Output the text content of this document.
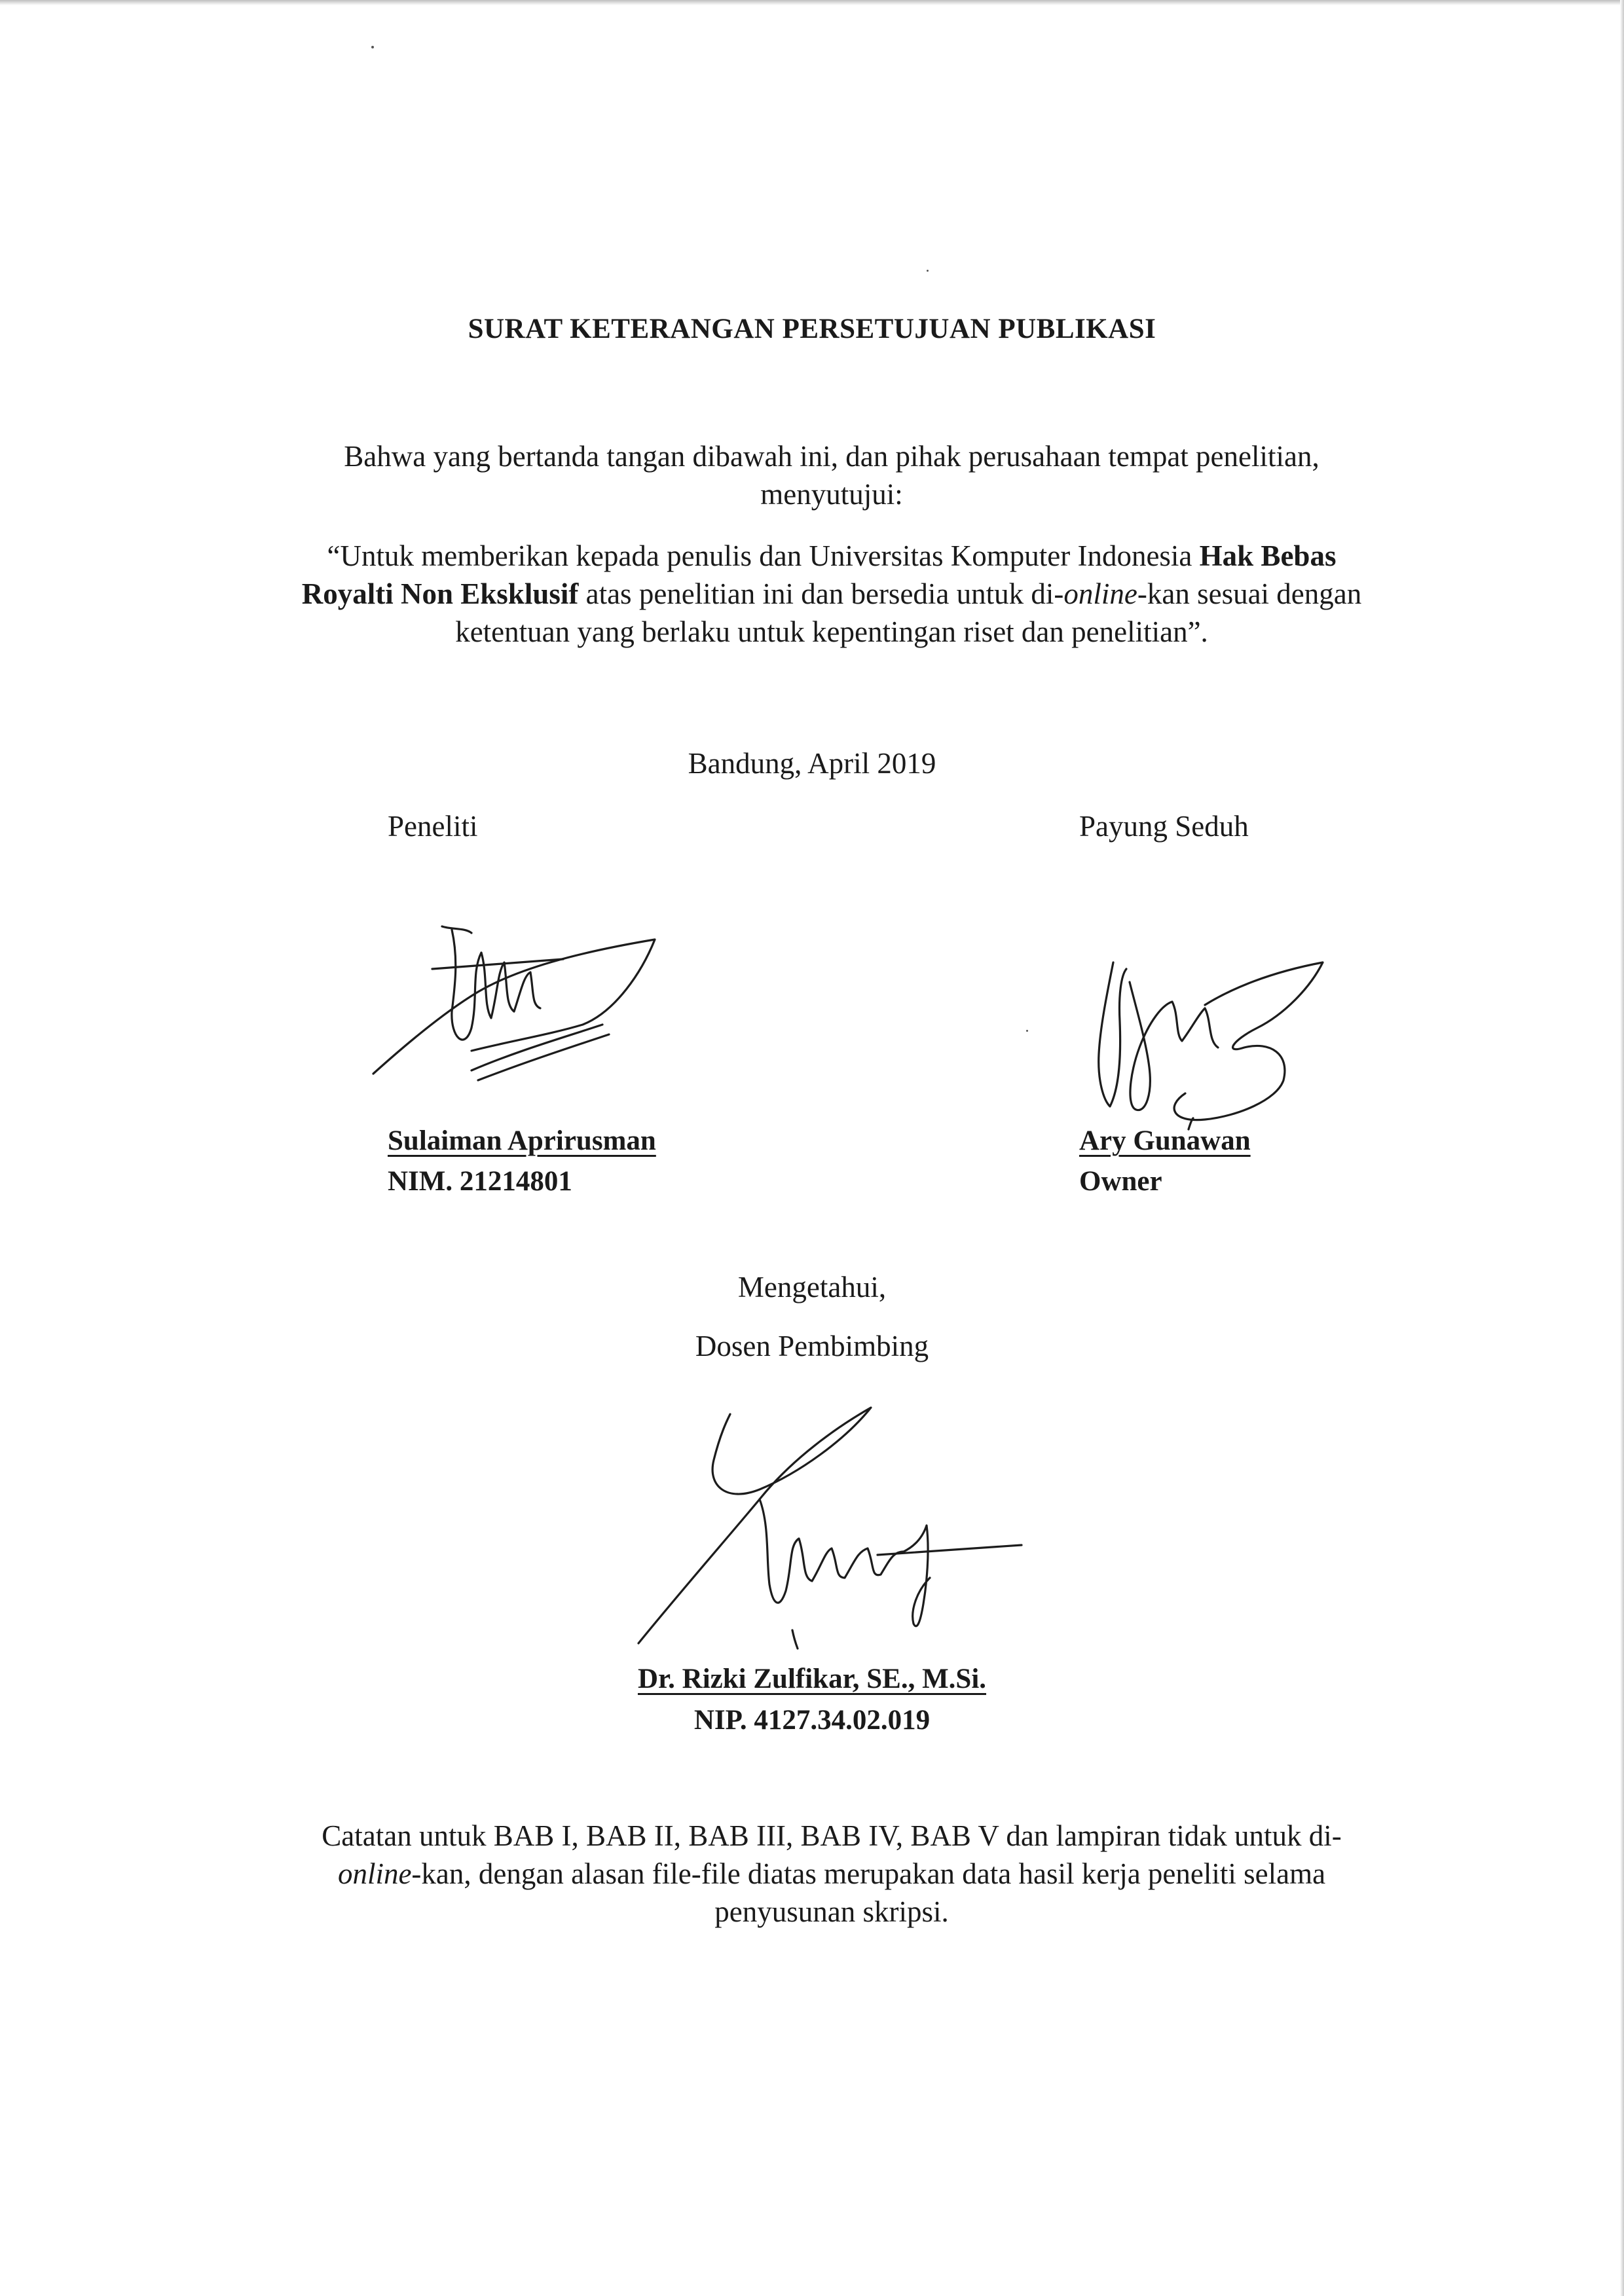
SURAT KETERANGAN PERSETUJUAN PUBLIKASI
Bahwa yang bertanda tangan dibawah ini, dan pihak perusahaan tempat penelitian, menyutujui:
“Untuk memberikan kepada penulis dan Universitas Komputer Indonesia Hak Bebas Royalti Non Eksklusif atas penelitian ini dan bersedia untuk di-online-kan sesuai dengan ketentuan yang berlaku untuk kepentingan riset dan penelitian”.
Bandung, April 2019
Peneliti	Payung Seduh
Sulaiman Aprirusman
NIM. 21214801
Ary Gunawan
Owner
Mengetahui,
Dosen Pembimbing
Dr. Rizki Zulfikar, SE., M.Si.
NIP. 4127.34.02.019
Catatan untuk BAB I, BAB II, BAB III, BAB IV, BAB V dan lampiran tidak untuk di-online-kan, dengan alasan file-file diatas merupakan data hasil kerja peneliti selama penyusunan skripsi.
